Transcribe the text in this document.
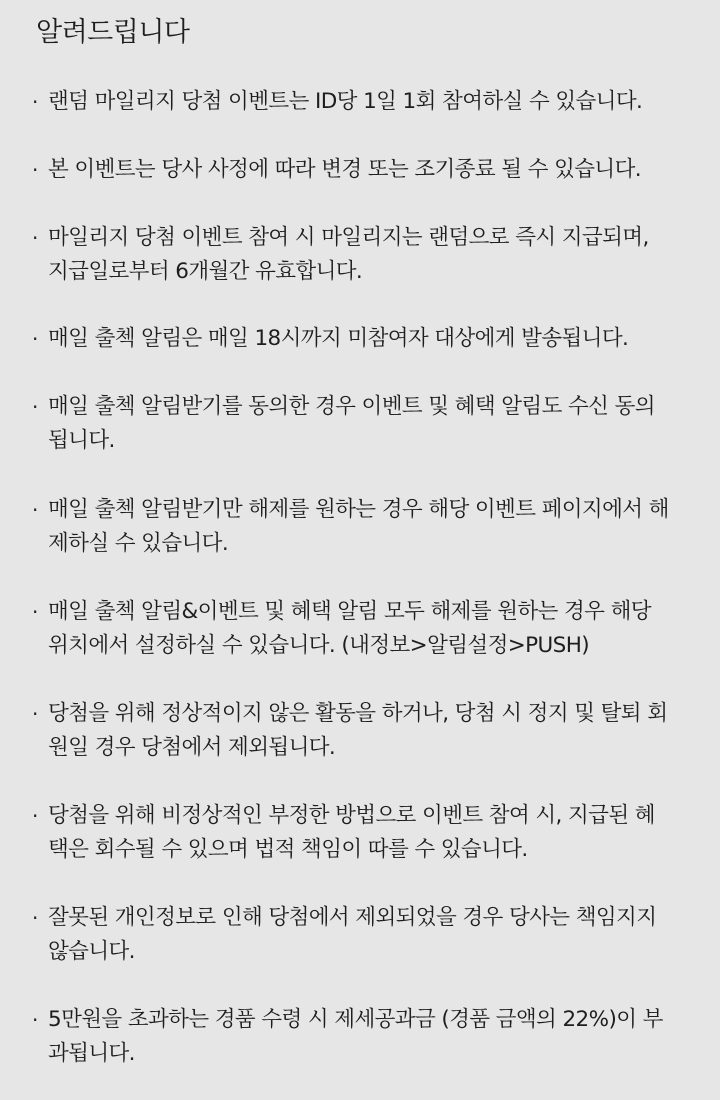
알려드립니다
· 랜덤 마일리지 당첨 이벤트는 ID당 1일 1회 참여하실 수 있습니다.
· 본 이벤트는 당사 사정에 따라 변경 또는 조기종료 될 수 있습니다.
· 마일리지 당첨 이벤트 참여 시 마일리지는 랜덤으로 즉시 지급되며,
지급일로부터 6개월간 유효합니다.
· 매일 출첵 알림은 매일 18시까지 미참여자 대상에게 발송됩니다.
· 매일 출첵 알림받기를 동의한 경우 이벤트 및 혜택 알림도 수신 동의
됩니다.
· 매일 출첵 알림받기만 해제를 원하는 경우 해당 이벤트 페이지에서 해
제하실 수 있습니다.
· 매일 출첵 알림&이벤트 및 혜택 알림 모두 해제를 원하는 경우 해당
위치에서 설정하실 수 있습니다. (내정보>알림설정>PUSH)
· 당첨을 위해 정상적이지 않은 활동을 하거나, 당첨 시 정지 및 탈퇴 회
원일 경우 당첨에서 제외됩니다.
· 당첨을 위해 비정상적인 부정한 방법으로 이벤트 참여 시, 지급된 혜
택은 회수될 수 있으며 법적 책임이 따를 수 있습니다.
· 잘못된 개인정보로 인해 당첨에서 제외되었을 경우 당사는 책임지지
않습니다.
· 5만원을 초과하는 경품 수령 시 제세공과금 (경품 금액의 22%)이 부
과됩니다.
